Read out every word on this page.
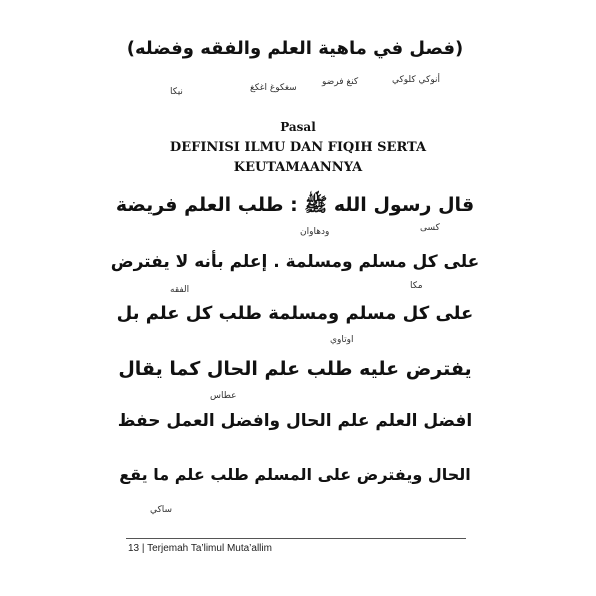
(فصل في ماهية العلم والفقه وفضله)
أنوكي كلوكي
كنغ فرضو
سغكوغ اغكغ
نيكا
Pasal
DEFINISI ILMU DAN FIQIH SERTA
KEUTAMAANNYA
قال رسول الله ﷺ : طلب العلم فريضة
كسى
ودهاوان
على كل مسلم ومسلمة . إعلم بأنه لا يفترض
مكا
الفقه
على كل مسلم ومسلمة طلب كل علم بل
اوتاوي
يفترض عليه طلب علم الحال كما يقال
عطاس
افضل العلم علم الحال وافضل العمل حفظ
الحال ويفترض على المسلم طلب علم ما يقع
ساكي
13 | Terjemah Ta’limul Muta’allim
